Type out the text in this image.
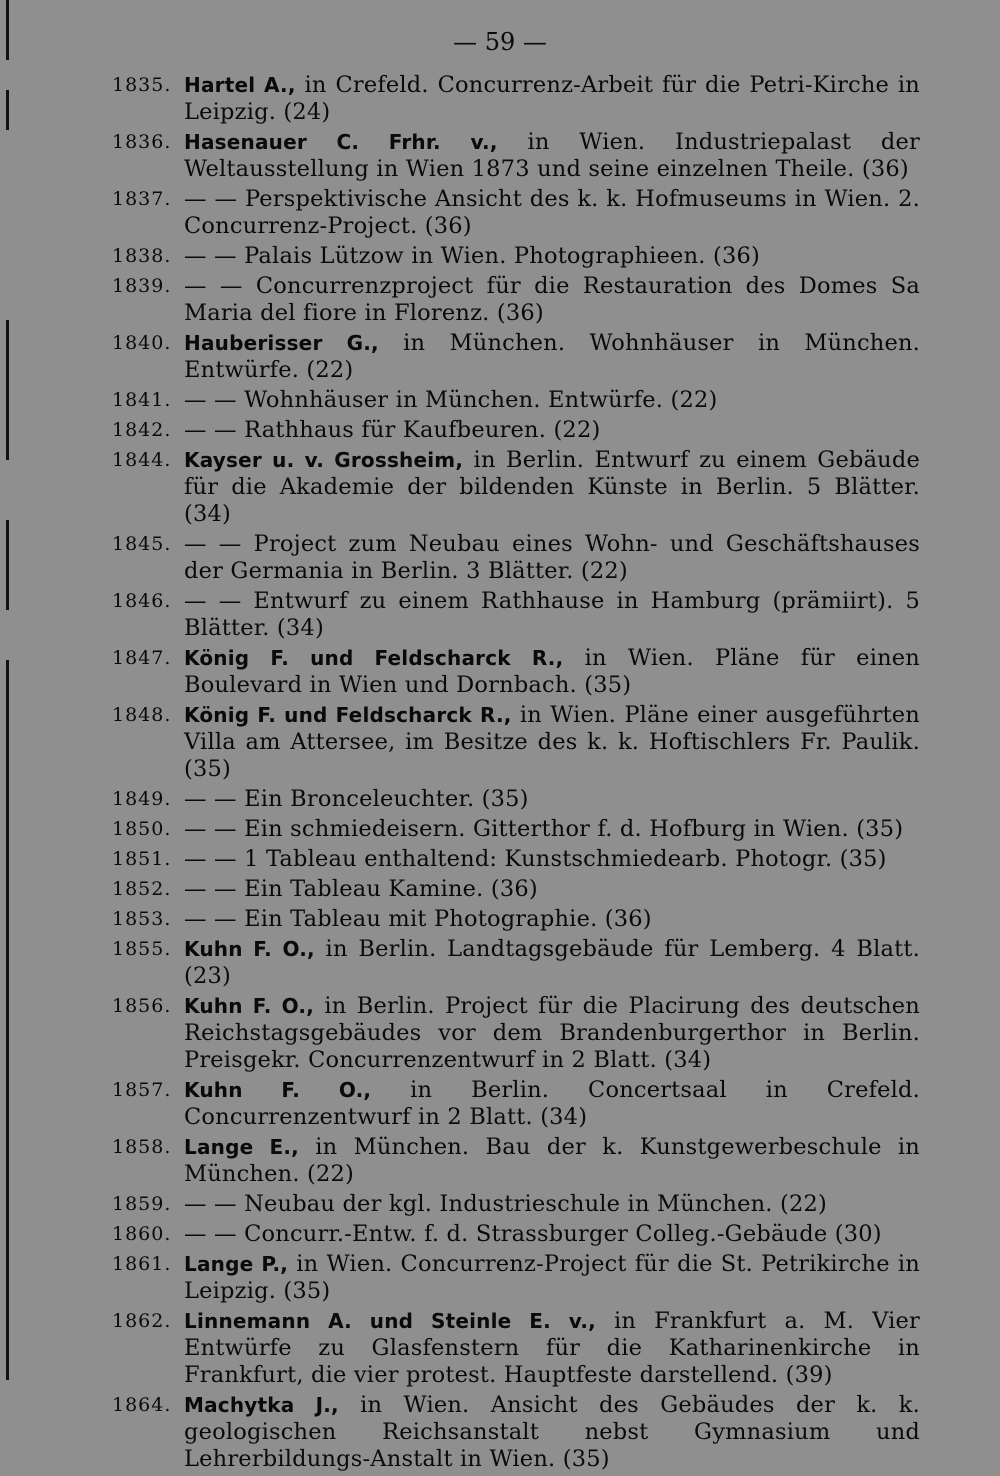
— 59 —
1835. Hartel A., in Crefeld. Concurrenz-Arbeit für die Petri-Kirche in Leipzig. (24)
1836. Hasenauer C. Frhr. v., in Wien. Industriepalast der Weltausstellung in Wien 1873 und seine einzelnen Theile. (36)
1837. — — Perspektivische Ansicht des k. k. Hofmuseums in Wien. 2. Concurrenz-Project. (36)
1838. — — Palais Lützow in Wien. Photographieen. (36)
1839. — — Concurrenzproject für die Restauration des Domes Sa Maria del fiore in Florenz. (36)
1840. Hauberisser G., in München. Wohnhäuser in München. Entwürfe. (22)
1841. — — Wohnhäuser in München. Entwürfe. (22)
1842. — — Rathhaus für Kaufbeuren. (22)
1844. Kayser u. v. Grossheim, in Berlin. Entwurf zu einem Gebäude für die Akademie der bildenden Künste in Berlin. 5 Blätter. (34)
1845. — — Project zum Neubau eines Wohn- und Geschäftshauses der Germania in Berlin. 3 Blätter. (22)
1846. — — Entwurf zu einem Rathhause in Hamburg (prämiirt). 5 Blätter. (34)
1847. König F. und Feldscharck R., in Wien. Pläne für einen Boulevard in Wien und Dornbach. (35)
1848. König F. und Feldscharck R., in Wien. Pläne einer ausgeführten Villa am Attersee, im Besitze des k. k. Hoftischlers Fr. Paulik. (35)
1849. — — Ein Bronceleuchter. (35)
1850. — — Ein schmiedeisern. Gitterthor f. d. Hofburg in Wien. (35)
1851. — — 1 Tableau enthaltend: Kunstschmiedearb. Photogr. (35)
1852. — — Ein Tableau Kamine. (36)
1853. — — Ein Tableau mit Photographie. (36)
1855. Kuhn F. O., in Berlin. Landtagsgebäude für Lemberg. 4 Blatt. (23)
1856. Kuhn F. O., in Berlin. Project für die Placirung des deutschen Reichstagsgebäudes vor dem Brandenburgerthor in Berlin. Preisgekr. Concurrenzentwurf in 2 Blatt. (34)
1857. Kuhn F. O., in Berlin. Concertsaal in Crefeld. Concurrenzentwurf in 2 Blatt. (34)
1858. Lange E., in München. Bau der k. Kunstgewerbeschule in München. (22)
1859. — — Neubau der kgl. Industrieschule in München. (22)
1860. — — Concurr.-Entw. f. d. Strassburger Colleg.-Gebäude (30)
1861. Lange P., in Wien. Concurrenz-Project für die St. Petrikirche in Leipzig. (35)
1862. Linnemann A. und Steinle E. v., in Frankfurt a. M. Vier Entwürfe zu Glasfenstern für die Katharinenkirche in Frankfurt, die vier protest. Hauptfeste darstellend. (39)
1864. Machytka J., in Wien. Ansicht des Gebäudes der k. k. geologischen Reichsanstalt nebst Gymnasium und Lehrerbildungs-Anstalt in Wien. (35)
